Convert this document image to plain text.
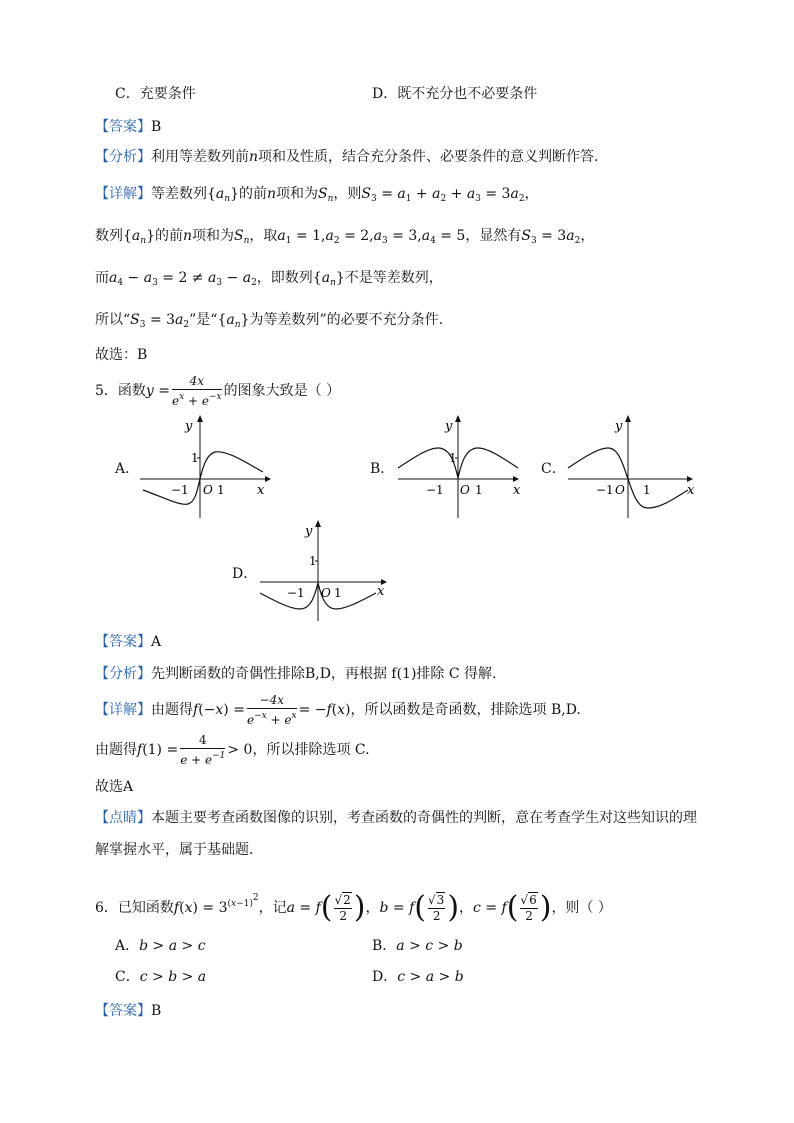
C．充要条件	D．既不充分也不必要条件
【答案】B
【分析】利用等差数列前n项和及性质，结合充分条件、必要条件的意义判断作答.
【详解】等差数列$\{a_n\}$的前n项和为$S_n$，则$S_3 = a_1 + a_2 + a_3 = 3a_2$，
数列$\{a_n\}$的前n项和为$S_n$，取$a_1 = 1,a_2 = 2,a_3 = 3,a_4 = 5$，显然有$S_3 = 3a_2$，
而$a_4 - a_3 = 2 \ne a_3 - a_2$，即数列$\{a_n\}$不是等差数列，
所以“$S_3 = 3a_2$”是“$\{a_n\}$为等差数列”的必要不充分条件.
故选：B
5．函数$y = \frac{4x}{e^x + e^{-x}}$ 的图象大致是（ ）
A．
y
x
1
−1 O 1
B．
y
x
1
−1 O 1
C．
y
x
−1 O 1
D．
y
x
1
−1 O 1
【答案】A
【分析】先判断函数的奇偶性排除B,D，再根据 f(1)排除 C 得解.
【详解】由题得$f(-x) = \frac{-4x}{e^{-x} + e^x} = -f(x)$，所以函数是奇函数，排除选项 B,D.
由题得$f(1) = \frac{4}{e + e^{-1}} > 0$，所以排除选项 C.
故选A
【点睛】本题主要考查函数图像的识别，考查函数的奇偶性的判断，意在考查学生对这些知识的理
解掌握水平，属于基础题.
6．已知函数$f(x) = 3^{(x-1)^2}$，记$a = f( \frac{√2}{2}$ )，$b = f( \frac{√3}{2}$ )，$c = f( \frac{√6}{2}$ )，则（ ）
A．b > a > c	B．a > c > b
C．c > b > a	D．c > a > b
【答案】B
